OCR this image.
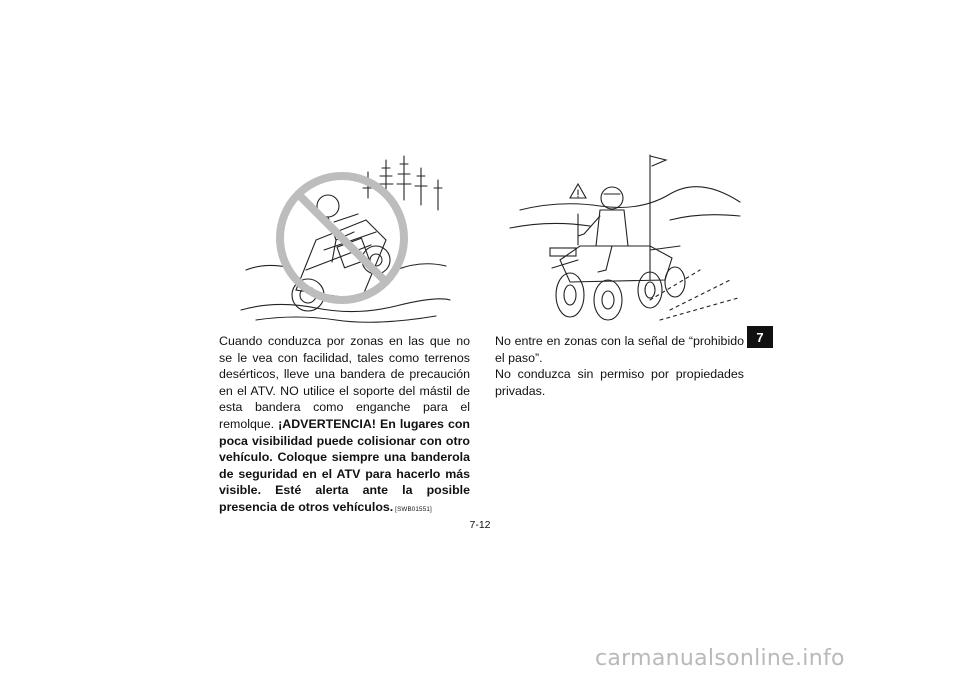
Cuando conduzca por zonas en las que no se le vea con facilidad, tales como terrenos desérticos, lleve una bandera de precaución en el ATV. NO utilice el soporte del mástil de esta bandera como enganche para el remolque. ¡ADVERTENCIA! En lugares con poca visibilidad puede colisionar con otro vehículo. Coloque siempre una banderola de seguridad en el ATV para hacerlo más visible. Esté alerta ante la posible presencia de otros vehículos. [SWB01551]

No entre en zonas con la señal de “prohibido el paso”.

No conduzca sin permiso por propiedades privadas.

7
7-12
carmanualsonline.info
